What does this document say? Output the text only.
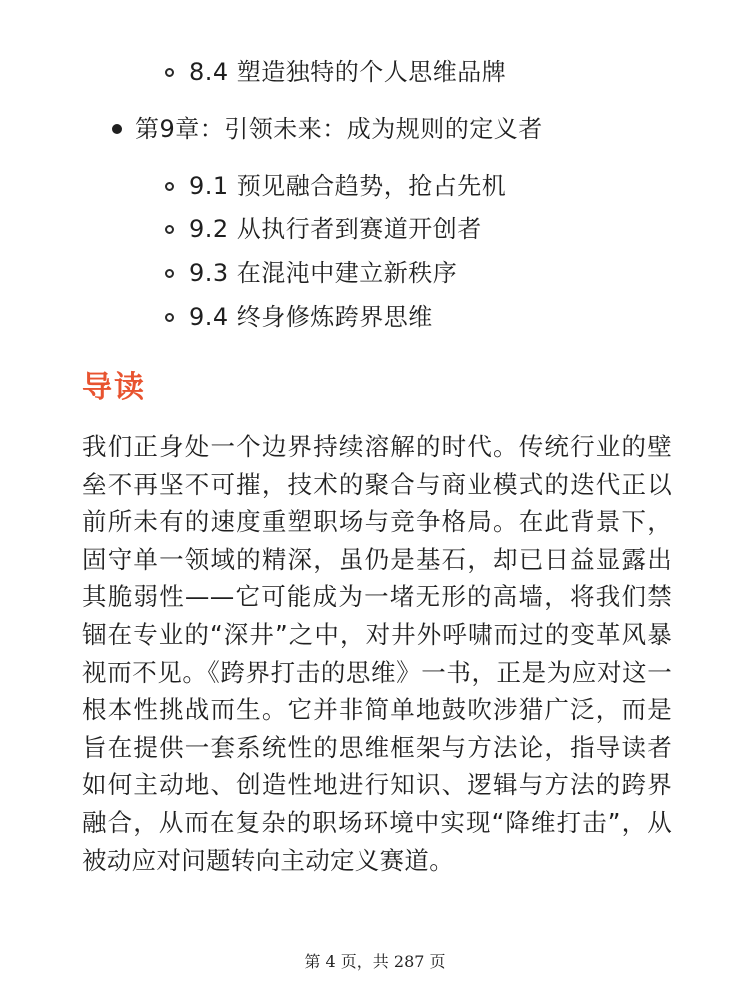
8.4 塑造独特的个人思维品牌
第9章：引领未来：成为规则的定义者
9.1 预见融合趋势，抢占先机
9.2 从执行者到赛道开创者
9.3 在混沌中建立新秩序
9.4 终身修炼跨界思维
导读

我们正身处一个边界持续溶解的时代。传统行业的壁垒不再坚不可摧，技术的聚合与商业模式的迭代正以前所未有的速度重塑职场与竞争格局。在此背景下，固守单一领域的精深，虽仍是基石，却已日益显露出其脆弱性——它可能成为一堵无形的高墙，将我们禁锢在专业的“深井”之中，对井外呼啸而过的变革风暴视而不见。《跨界打击的思维》一书，正是为应对这一根本性挑战而生。它并非简单地鼓吹涉猎广泛，而是旨在提供一套系统性的思维框架与方法论，指导读者如何主动地、创造性地进行知识、逻辑与方法的跨界融合，从而在复杂的职场环境中实现“降维打击”，从被动应对问题转向主动定义赛道。

第 4 页，共 287 页
